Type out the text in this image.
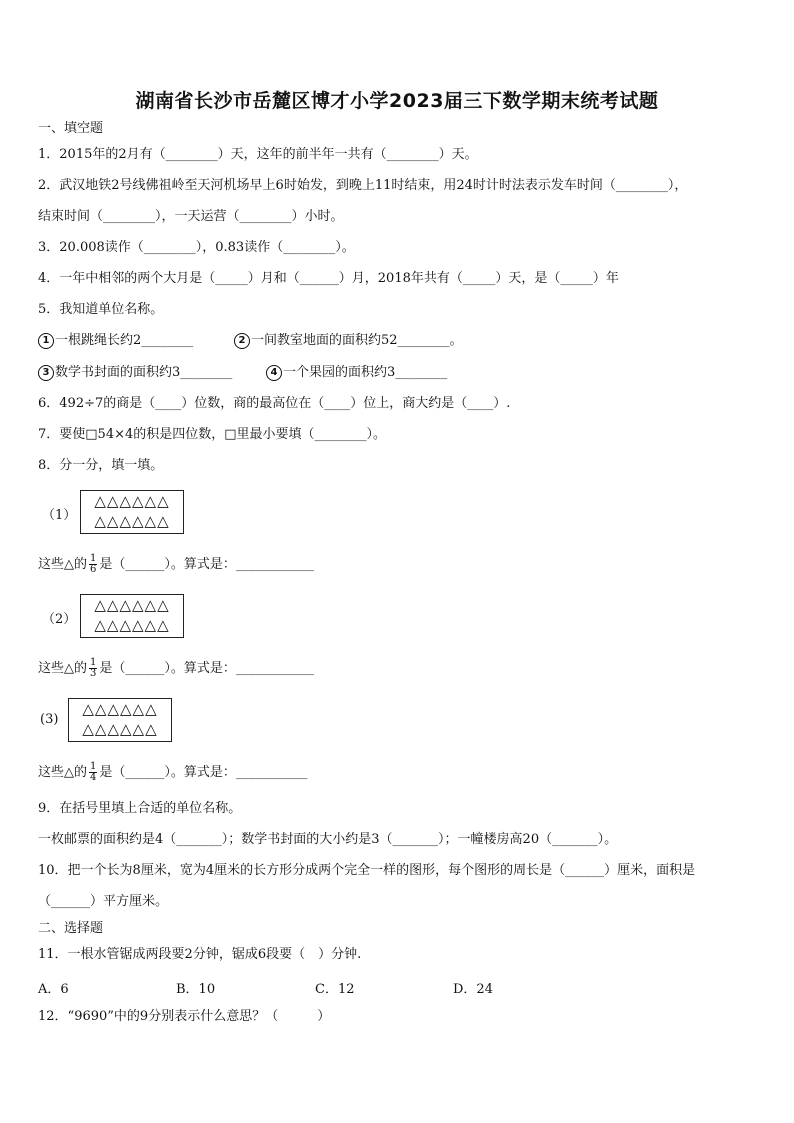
湖南省长沙市岳麓区博才小学2023届三下数学期末统考试题
一、填空题
1．2015年的2月有（________）天，这年的前半年一共有（________）天。
2．武汉地铁2号线佛祖岭至天河机场早上6时始发，到晚上11时结束，用24时计时法表示发车时间（________），
结束时间（________），一天运营（________）小时。
3．20.008读作（________），0.83读作（________）。
4．一年中相邻的两个大月是（_____）月和（______）月，2018年共有（_____）天，是（_____）年
5．我知道单位名称。
1 一根跳绳长约2________	2 一间教室地面的面积约52________。
3 数学书封面的面积约3________	4 一个果园的面积约3________
6．492÷7的商是（____）位数，商的最高位在（____）位上，商大约是（____）.
7．要使□54×4的积是四位数，□里最小要填（________）。
8．分一分，填一填。
（1）
△△△△△△
△△△△△△
这些△的 $\frac{1}{6}$ 是（______）。算式是：____________
（2）
△△△△△△
△△△△△△
这些△的 $\frac{1}{3}$ 是（______）。算式是：____________
(3)
△△△△△△
△△△△△△
这些△的 $\frac{1}{4}$ 是（______）。算式是：___________
9．在括号里填上合适的单位名称。
一枚邮票的面积约是4（_______）；数学书封面的大小约是3（_______）；一幢楼房高20（_______）。
10．把一个长为8厘米，宽为4厘米的长方形分成两个完全一样的图形，每个图形的周长是（______）厘米，面积是
（______）平方厘米。
二、选择题
11．一根水管锯成两段要2分钟，锯成6段要（　）分钟.
A．6	B．10	C．12	D．24
12．“9690”中的9分别表示什么意思？（　　　）
